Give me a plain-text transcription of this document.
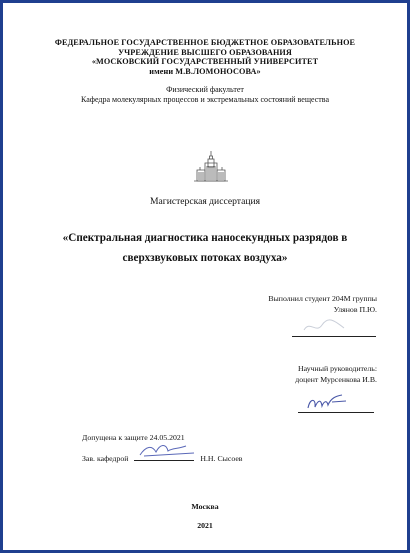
ФЕДЕРАЛЬНОЕ ГОСУДАРСТВЕННОЕ БЮДЖЕТНОЕ ОБРАЗОВАТЕЛЬНОЕ
УЧРЕЖДЕНИЕ ВЫСШЕГО ОБРАЗОВАНИЯ
«МОСКОВСКИЙ ГОСУДАРСТВЕННЫЙ УНИВЕРСИТЕТ
имени М.В.ЛОМОНОСОВА»
Физический факультет
Кафедра молекулярных процессов и экстремальных состояний вещества
Магистерская диссертация
«Спектральная диагностика наносекундных разрядов в
сверхзвуковых потоках воздуха»
Выполнил студент 204М группы
Улянов П.Ю.
Научный руководитель:
доцент Мурсенкова И.В.
Допущена к защите 24.05.2021
Зав. кафедрой	Н.Н. Сысоев
Москва
2021
